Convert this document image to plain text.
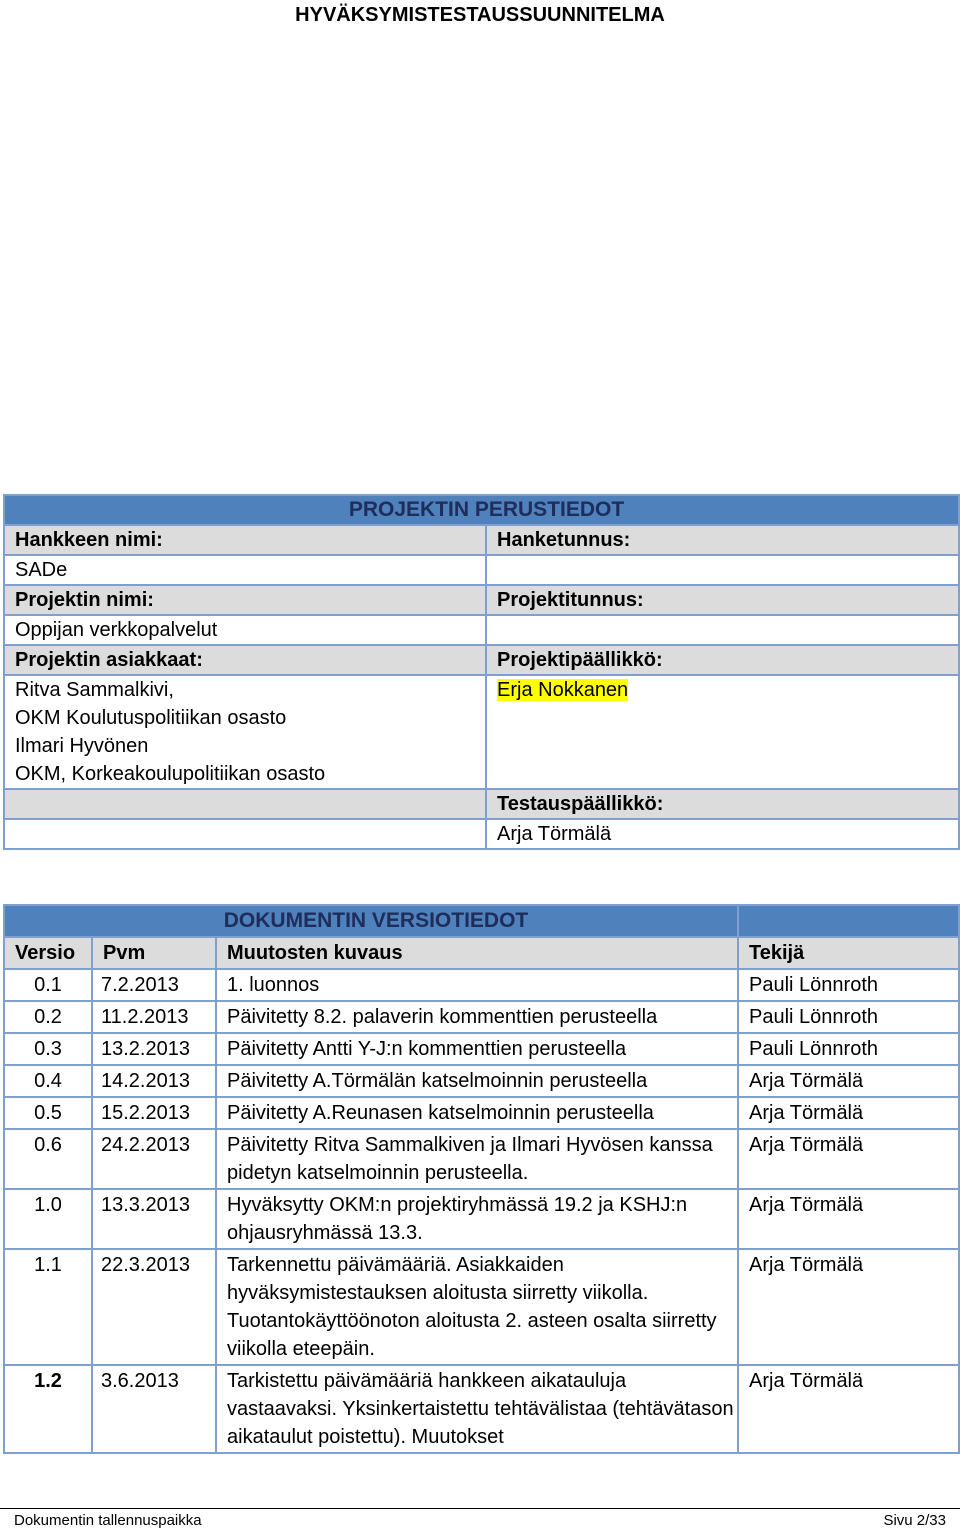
HYVÄKSYMISTESTAUSSUUNNITELMA
PROJEKTIN PERUSTIEDOT	
Hankkeen nimi:	Hanketunnus:
SADe	
Projektin nimi:	Projektitunnus:
Oppijan verkkopalvelut	
Projektin asiakkaat:	Projektipäällikkö:

Ritva Sammalkivi,
OKM Koulutuspolitiikan osasto
Ilmari Hyvönen
OKM, Korkeakoulupolitiikan osasto	Erja Nokkanen
	Testauspäällikkö:
	Arja Törmälä
DOKUMENTIN VERSIOTIEDOT			
Versio	Pvm	Muutosten kuvaus	Tekijä
0.1	7.2.2013	1. luonnos	Pauli Lönnroth
0.2	11.2.2013	Päivitetty 8.2. palaverin kommenttien perusteella	Pauli Lönnroth
0.3	13.2.2013	Päivitetty Antti Y-J:n kommenttien perusteella	Pauli Lönnroth
0.4	14.2.2013	Päivitetty A.Törmälän katselmoinnin perusteella	Arja Törmälä
0.5	15.2.2013	Päivitetty A.Reunasen katselmoinnin perusteella	Arja Törmälä
0.6	24.2.2013	Päivitetty Ritva Sammalkiven ja Ilmari Hyvösen kanssa pidetyn katselmoinnin perusteella.	Arja Törmälä
1.0	13.3.2013	Hyväksytty OKM:n projektiryhmässä 19.2 ja KSHJ:n ohjausryhmässä 13.3.	Arja Törmälä
1.1	22.3.2013	Tarkennettu päivämääriä. Asiakkaiden hyväksymistestauksen aloitusta siirretty viikolla. Tuotantokäyttöönoton aloitusta 2. asteen osalta siirretty viikolla eteepäin.	Arja Törmälä
1.2	3.6.2013	Tarkistettu päivämääriä hankkeen aikatauluja vastaavaksi. Yksinkertaistettu tehtävälistaa (tehtävätason aikataulut poistettu). Muutokset	Arja Törmälä
Dokumentin tallennuspaikka	Sivu 2/33
